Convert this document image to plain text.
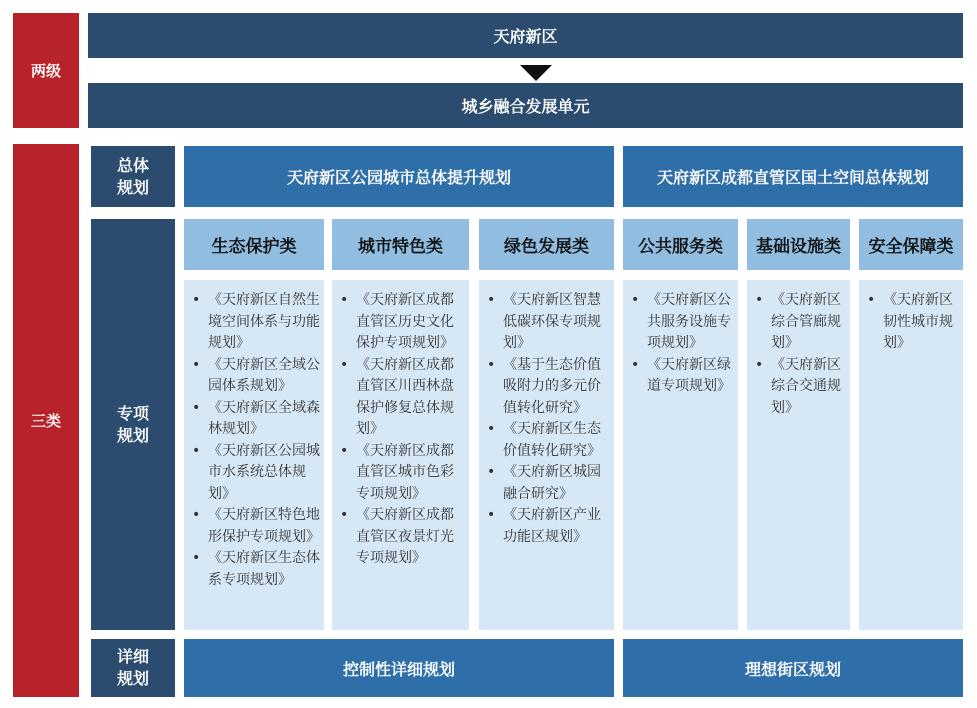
两级
天府新区
城乡融合发展单元
三类
总体
规划
专项
规划
详细
规划
天府新区公园城市总体提升规划	天府新区成都直管区国土空间总体规划
生态保护类	城市特色类	绿色发展类	公共服务类 基础设施类 安全保障类
• 《天府新区自然生境空间体系与功能规划》
• 《天府新区全域公园体系规划》
• 《天府新区全域森林规划》
• 《天府新区公园城市水系统总体规划》
• 《天府新区特色地形保护专项规划》
• 《天府新区生态体系专项规划》
• 《天府新区成都直管区历史文化保护专项规划》
• 《天府新区成都直管区川西林盘保护修复总体规划》
• 《天府新区成都直管区城市色彩专项规划》
• 《天府新区成都直管区夜景灯光专项规划》
• 《天府新区智慧低碳环保专项规划》
• 《基于生态价值吸附力的多元价值转化研究》
• 《天府新区生态价值转化研究》
• 《天府新区城园融合研究》
• 《天府新区产业功能区规划》
• 《天府新区公共服务设施专项规划》
• 《天府新区绿道专项规划》
• 《天府新区综合管廊规划》
• 《天府新区综合交通规划》
• 《天府新区韧性城市规划》
控制性详细规划	理想街区规划
